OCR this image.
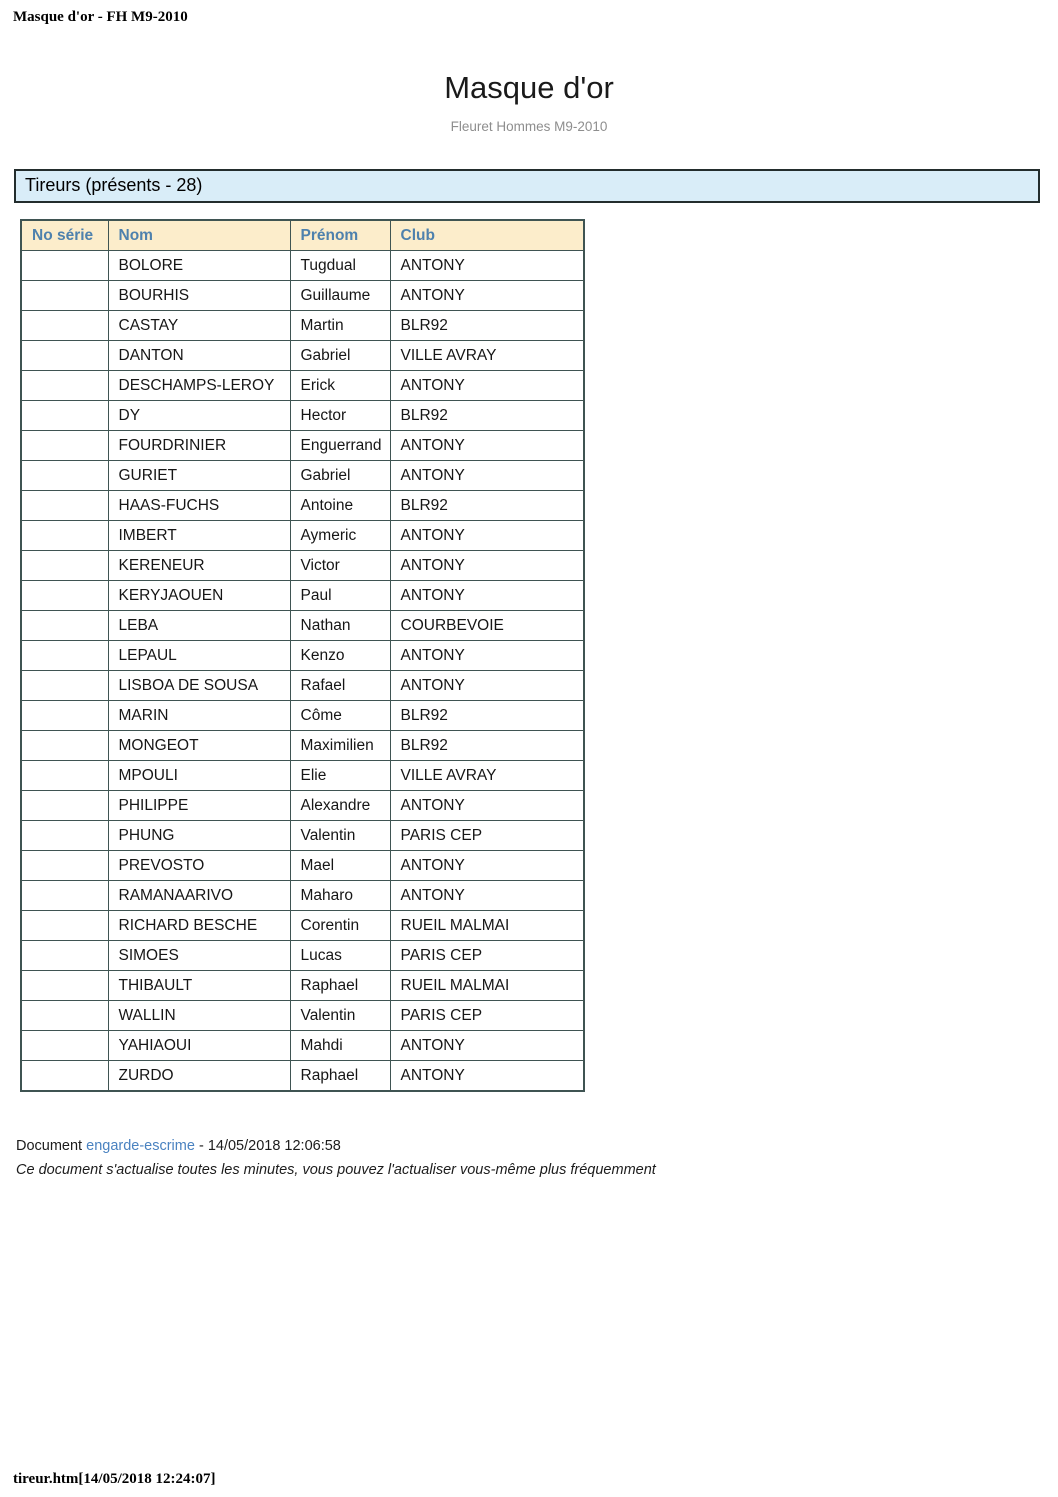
Masque d'or - FH M9-2010
Masque d'or
Fleuret Hommes M9-2010
Tireurs (présents - 28)
No série	Nom	Prénom	Club
	BOLORE	Tugdual	ANTONY
	BOURHIS	Guillaume	ANTONY
	CASTAY	Martin	BLR92
	DANTON	Gabriel	VILLE AVRAY
	DESCHAMPS-LEROY	Erick	ANTONY
	DY	Hector	BLR92
	FOURDRINIER	Enguerrand	ANTONY
	GURIET	Gabriel	ANTONY
	HAAS-FUCHS	Antoine	BLR92
	IMBERT	Aymeric	ANTONY
	KERENEUR	Victor	ANTONY
	KERYJAOUEN	Paul	ANTONY
	LEBA	Nathan	COURBEVOIE
	LEPAUL	Kenzo	ANTONY
	LISBOA DE SOUSA	Rafael	ANTONY
	MARIN	Côme	BLR92
	MONGEOT	Maximilien	BLR92
	MPOULI	Elie	VILLE AVRAY
	PHILIPPE	Alexandre	ANTONY
	PHUNG	Valentin	PARIS CEP
	PREVOSTO	Mael	ANTONY
	RAMANAARIVO	Maharo	ANTONY
	RICHARD BESCHE	Corentin	RUEIL MALMAI
	SIMOES	Lucas	PARIS CEP
	THIBAULT	Raphael	RUEIL MALMAI
	WALLIN	Valentin	PARIS CEP
	YAHIAOUI	Mahdi	ANTONY
	ZURDO	Raphael	ANTONY
Document engarde-escrime - 14/05/2018 12:06:58
Ce document s'actualise toutes les minutes, vous pouvez l'actualiser vous-même plus fréquemment
tireur.htm[14/05/2018 12:24:07]
